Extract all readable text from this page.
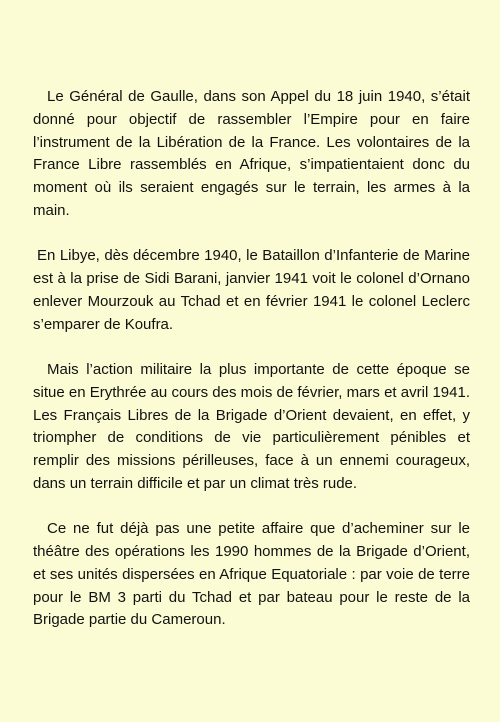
Le Général de Gaulle, dans son Appel du 18 juin 1940, s’était donné pour objectif de rassembler l’Empire pour en faire l’instrument de la Libération de la France. Les volontaires de la France Libre rassemblés en Afrique, s’impatientaient donc du moment où ils seraient engagés sur le terrain, les armes à la main.

En Libye, dès décembre 1940, le Bataillon d’Infanterie de Marine est à la prise de Sidi Barani, janvier 1941 voit le colonel d’Ornano enlever Mourzouk au Tchad et en février 1941 le colonel Leclerc s’emparer de Koufra.

Mais l’action militaire la plus importante de cette époque se situe en Erythrée au cours des mois de février, mars et avril 1941. Les Français Libres de la Brigade d’Orient devaient, en effet, y triompher de conditions de vie particulièrement pénibles et remplir des missions périlleuses, face à un ennemi courageux, dans un terrain difficile et par un climat très rude.

Ce ne fut déjà pas une petite affaire que d’acheminer sur le théâtre des opérations les 1990 hommes de la Brigade d’Orient, et ses unités dispersées en Afrique Equatoriale : par voie de terre pour le BM 3 parti du Tchad et par bateau pour le reste de la Brigade partie du Cameroun.
